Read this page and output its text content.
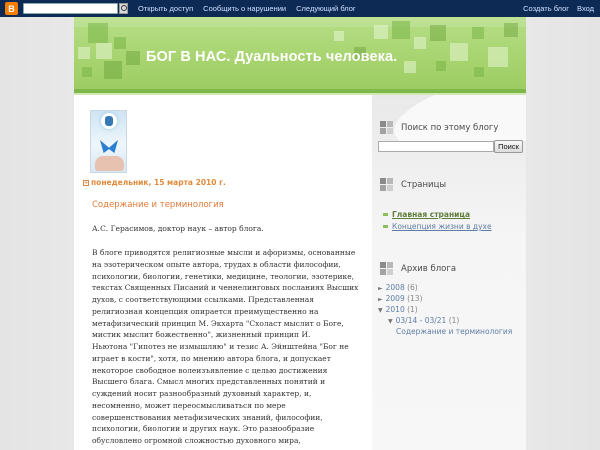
B	Открыть доступ Сообщить о нарушении Следующий блог	Создать блог Вход
БОГ В НАС. Дуальность человека.
+ понедельник, 15 марта 2010 г.
Содержание и терминология
А.С. Герасимов, доктор наук – автор блога.
В блоге приводятся религиозные мысли и афоризмы, основанные
на эзотерическом опыте автора, трудах в области философии,
психологии, биологии, генетики, медицине, теологии, эзотерике,
текстах Священных Писаний и ченнелинговых посланиях Высших
духов, с соответствующими ссылками. Представленная
религиозная концепция опирается преимущественно на
метафизический принцип М. Экхарта "Схоласт мыслит о Боге,
мистик мыслит божественно", жизненный принцип И.
Ньютона "Гипотез не измышляю" и тезис А. Эйнштейна "Бог не
играет в кости", хотя, по мнению автора блога, и допускает
некоторое свободное волеизъявление с целью достижения
Высшего блага. Смысл многих представленных понятий и
суждений носит разнообразный духовный характер, и,
несомненно, может переосмысливаться по мере
совершенствования метафизических знаний, философии,
психологии, биологии и других наук. Это разнообразие
обусловлено огромной сложностью духовного мира,
Поиск по этому блогу
Поиск
Страницы
Главная страница
Концепция жизни в духе
Архив блога
► 2008 (6)
► 2009 (13)
▼ 2010 (1)
▼ 03/14 - 03/21 (1)
Содержание и терминология
